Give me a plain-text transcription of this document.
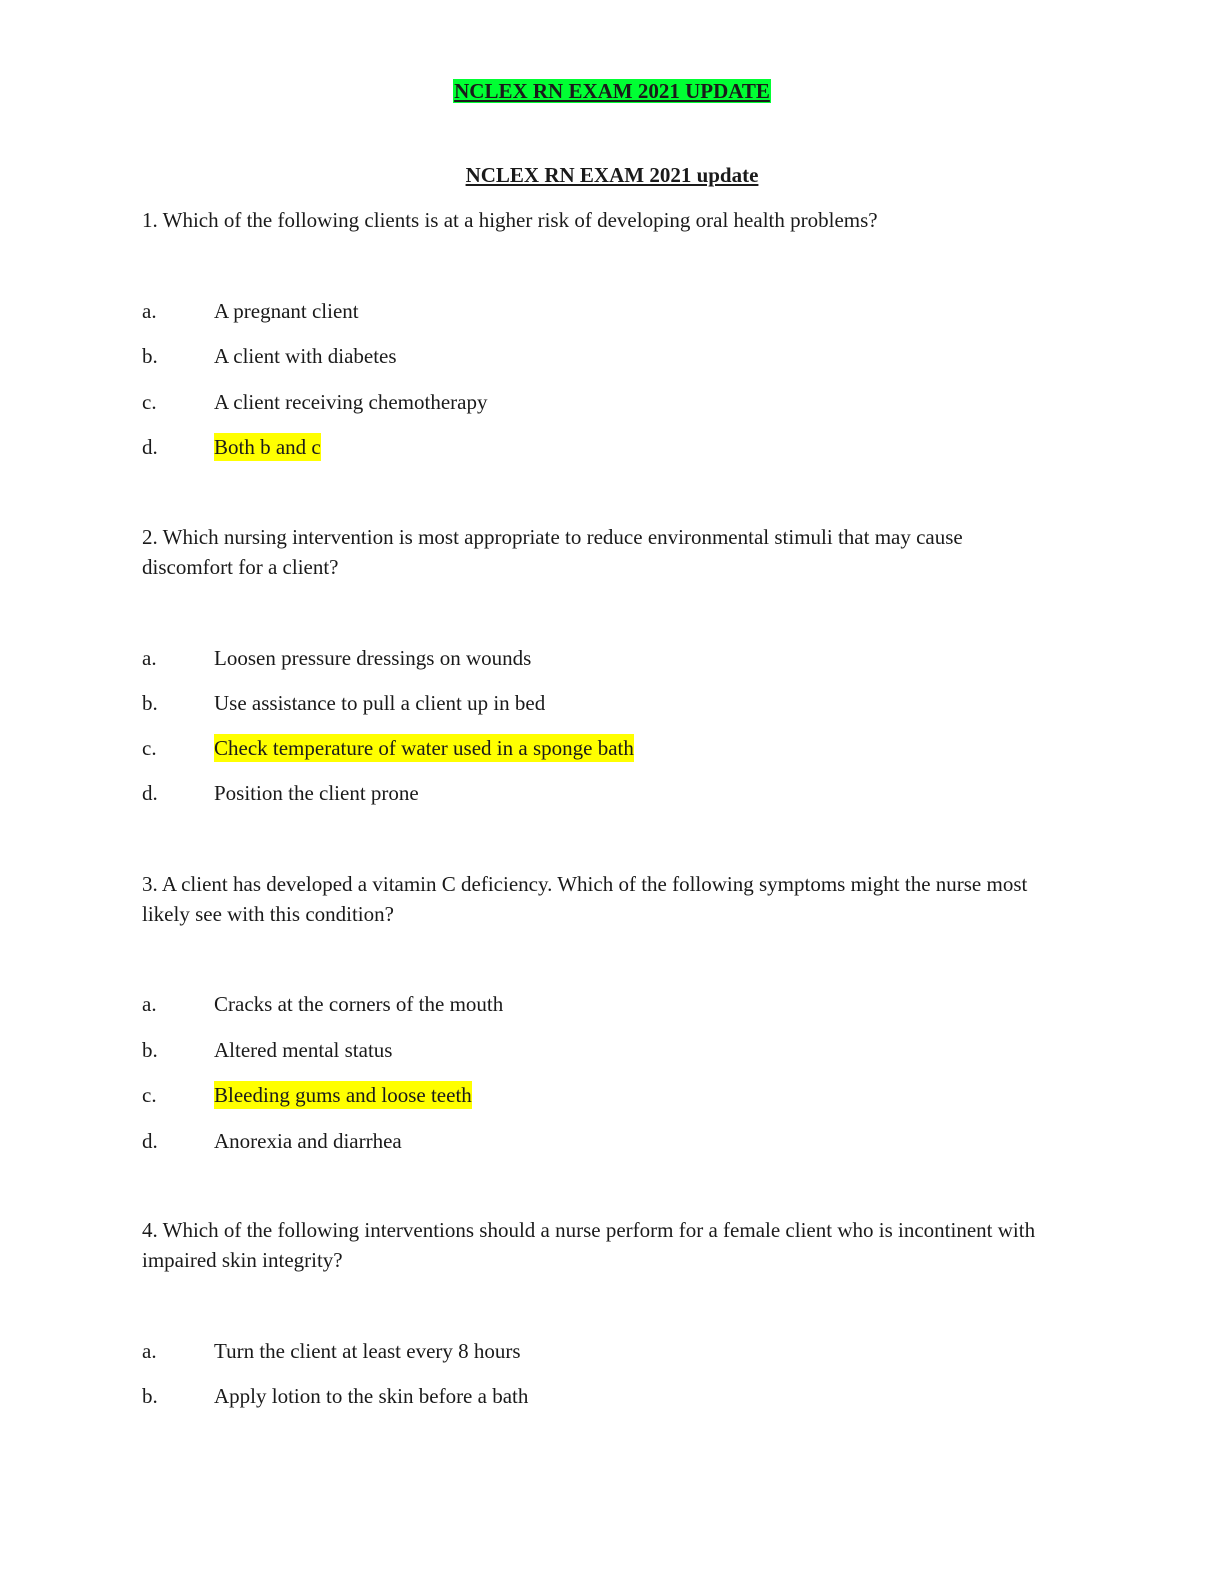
NCLEX RN EXAM 2021 UPDATE
NCLEX RN EXAM 2021 update
1. Which of the following clients is at a higher risk of developing oral health problems?
a.	A pregnant client
b.	A client with diabetes
c.	A client receiving chemotherapy
d.	Both b and c
2. Which nursing intervention is most appropriate to reduce environmental stimuli that may cause discomfort for a client?
a.	Loosen pressure dressings on wounds
b.	Use assistance to pull a client up in bed
c.	Check temperature of water used in a sponge bath
d.	Position the client prone
3. A client has developed a vitamin C deficiency. Which of the following symptoms might the nurse most likely see with this condition?
a.	Cracks at the corners of the mouth
b.	Altered mental status
c.	Bleeding gums and loose teeth
d.	Anorexia and diarrhea
4. Which of the following interventions should a nurse perform for a female client who is incontinent with impaired skin integrity?
a.	Turn the client at least every 8 hours
b.	Apply lotion to the skin before a bath
